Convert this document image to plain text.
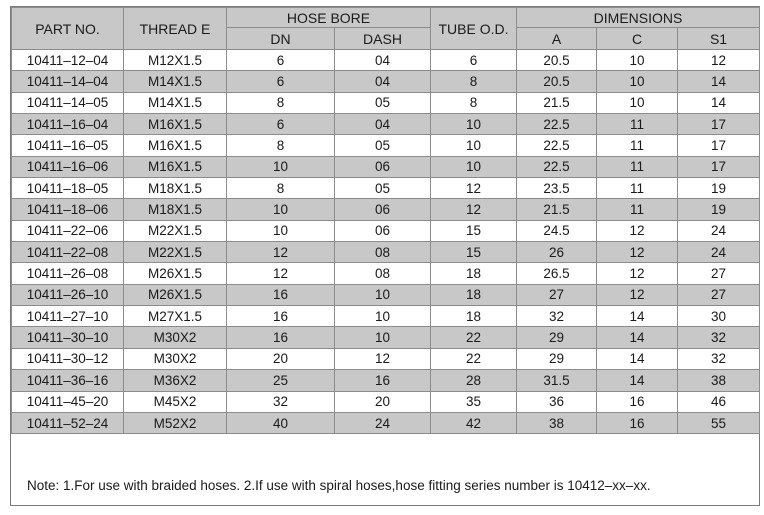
PART NO.	THREAD E	HOSE BORE		TUBE O.D.	DIMENSIONS		
		DN	DASH		A	C	S1
10411–12–04	M12X1.5	6	04	6	20.5	10	12
10411–14–04	M14X1.5	6	04	8	20.5	10	14
10411–14–05	M14X1.5	8	05	8	21.5	10	14
10411–16–04	M16X1.5	6	04	10	22.5	11	17
10411–16–05	M16X1.5	8	05	10	22.5	11	17
10411–16–06	M16X1.5	10	06	10	22.5	11	17
10411–18–05	M18X1.5	8	05	12	23.5	11	19
10411–18–06	M18X1.5	10	06	12	21.5	11	19
10411–22–06	M22X1.5	10	06	15	24.5	12	24
10411–22–08	M22X1.5	12	08	15	26	12	24
10411–26–08	M26X1.5	12	08	18	26.5	12	27
10411–26–10	M26X1.5	16	10	18	27	12	27
10411–27–10	M27X1.5	16	10	18	32	14	30
10411–30–10	M30X2	16	10	22	29	14	32
10411–30–12	M30X2	20	12	22	29	14	32
10411–36–16	M36X2	25	16	28	31.5	14	38
10411–45–20	M45X2	32	20	35	36	16	46
10411–52–24	M52X2	40	24	42	38	16	55
Note: 1.For use with braided hoses. 2.If use with spiral hoses,hose fitting series number is 10412–xx–xx.
